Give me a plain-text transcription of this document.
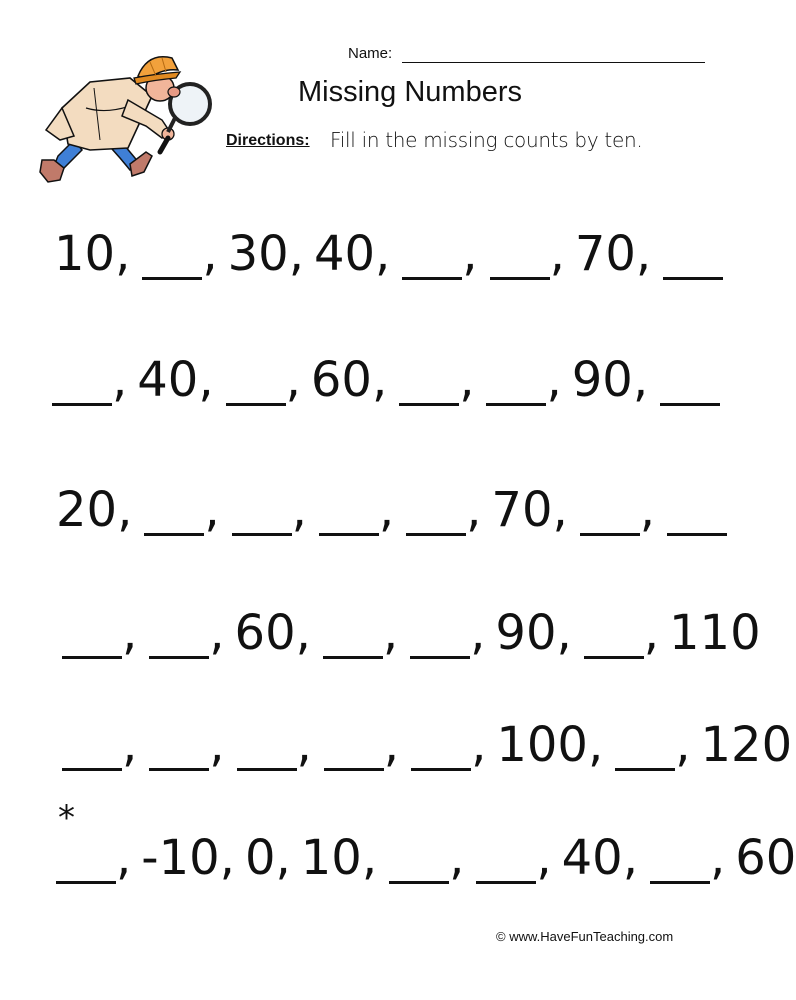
Name:
Missing Numbers
Directions: Fill in the missing counts by ten.
10, , 30, 40, , , 70,
, 40, , 60, , , 90,
20, , , , , 70, ,
, , 60, , , 90, , 110
, , , , , 100, , 120
, -10, 0, 10, , , 40, , 60
*
© www.HaveFunTeaching.com
